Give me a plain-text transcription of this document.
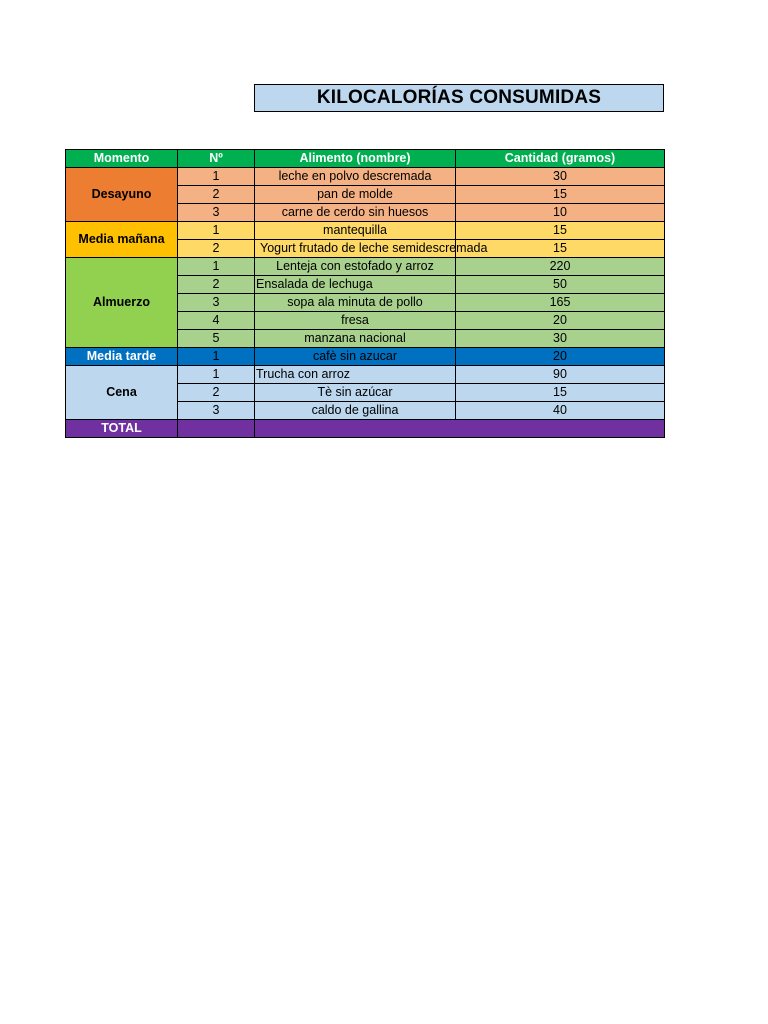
KILOCALORÍAS CONSUMIDAS
Momento	Nº	Alimento (nombre)	Cantidad (gramos)
Desayuno	1	leche en polvo descremada	30
	2	pan de molde	15
	3	carne de cerdo sin huesos	10
Media mañana	1	mantequilla	15
	2	Yogurt frutado de leche semidescremada	15
Almuerzo	1	Lenteja con estofado y arroz	220
	2	Ensalada de lechuga	50
	3	sopa ala minuta de pollo	165
	4	fresa	20
	5	manzana nacional	30
Media tarde	1	cafè sin azucar	20
Cena	1	Trucha con arroz	90
	2	Tè sin azúcar	15
	3	caldo de gallina	40
TOTAL			
